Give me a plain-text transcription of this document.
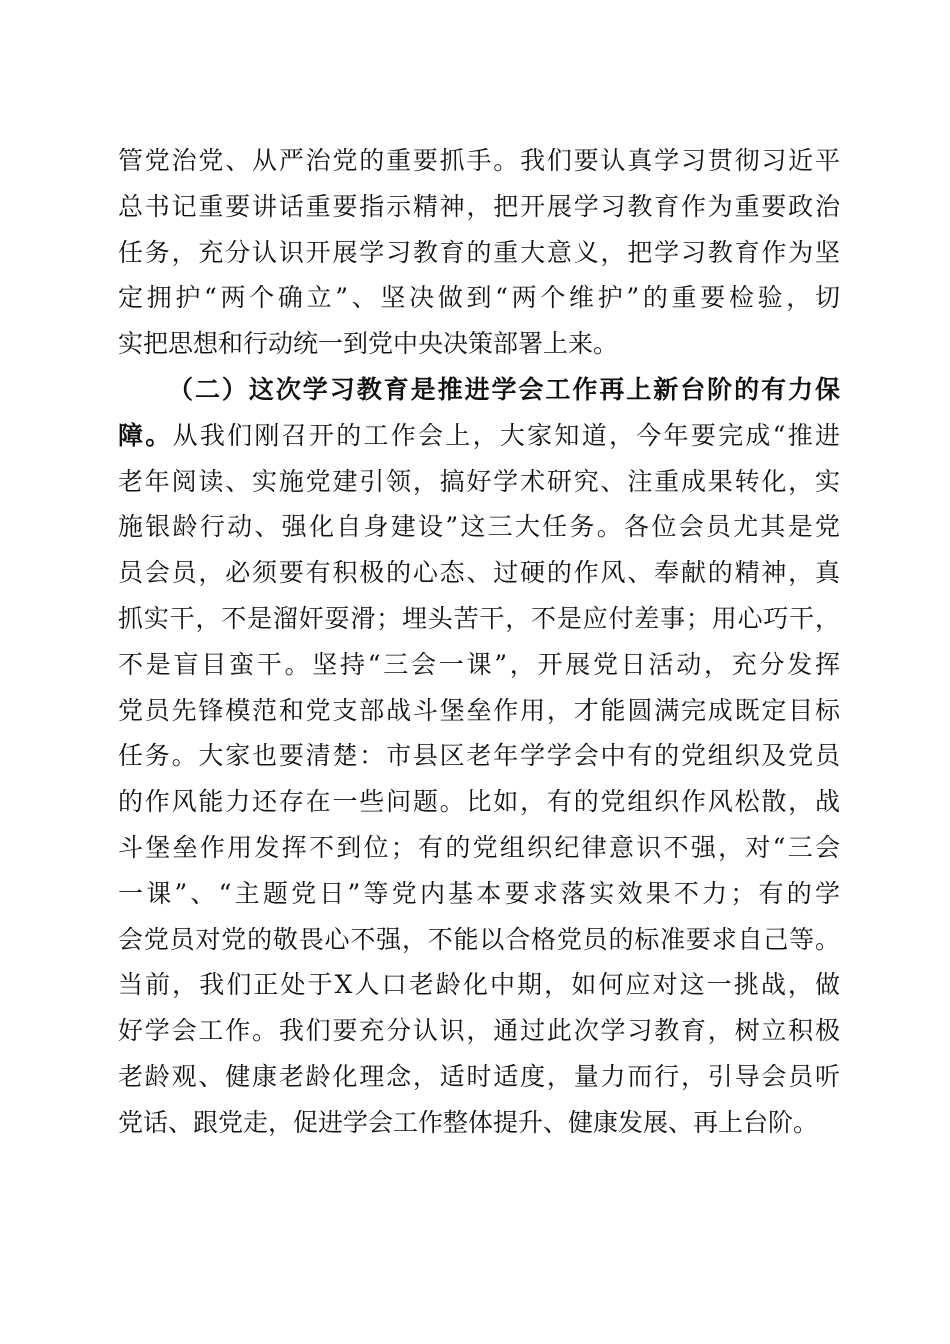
管党治党、从严治党的重要抓手。我们要认真学习贯彻习近平
总书记重要讲话重要指示精神，把开展学习教育作为重要政治
任务，充分认识开展学习教育的重大意义，把学习教育作为坚
定拥护“两个确立”、坚决做到“两个维护”的重要检验，切
实把思想和行动统一到党中央决策部署上来。
（二）这次学习教育是推进学会工作再上新台阶的有力保
障。从我们刚召开的工作会上，大家知道，今年要完成“推进
老年阅读、实施党建引领，搞好学术研究、注重成果转化，实
施银龄行动、强化自身建设”这三大任务。各位会员尤其是党
员会员，必须要有积极的心态、过硬的作风、奉献的精神，真
抓实干，不是溜奸耍滑；埋头苦干，不是应付差事；用心巧干，
不是盲目蛮干。坚持“三会一课”，开展党日活动，充分发挥
党员先锋模范和党支部战斗堡垒作用，才能圆满完成既定目标
任务。大家也要清楚：市县区老年学学会中有的党组织及党员
的作风能力还存在一些问题。比如，有的党组织作风松散，战
斗堡垒作用发挥不到位；有的党组织纪律意识不强，对“三会
一课”、“主题党日”等党内基本要求落实效果不力；有的学
会党员对党的敬畏心不强，不能以合格党员的标准要求自己等。
当前，我们正处于X人口老龄化中期，如何应对这一挑战，做
好学会工作。我们要充分认识，通过此次学习教育，树立积极
老龄观、健康老龄化理念，适时适度，量力而行，引导会员听
党话、跟党走，促进学会工作整体提升、健康发展、再上台阶。
